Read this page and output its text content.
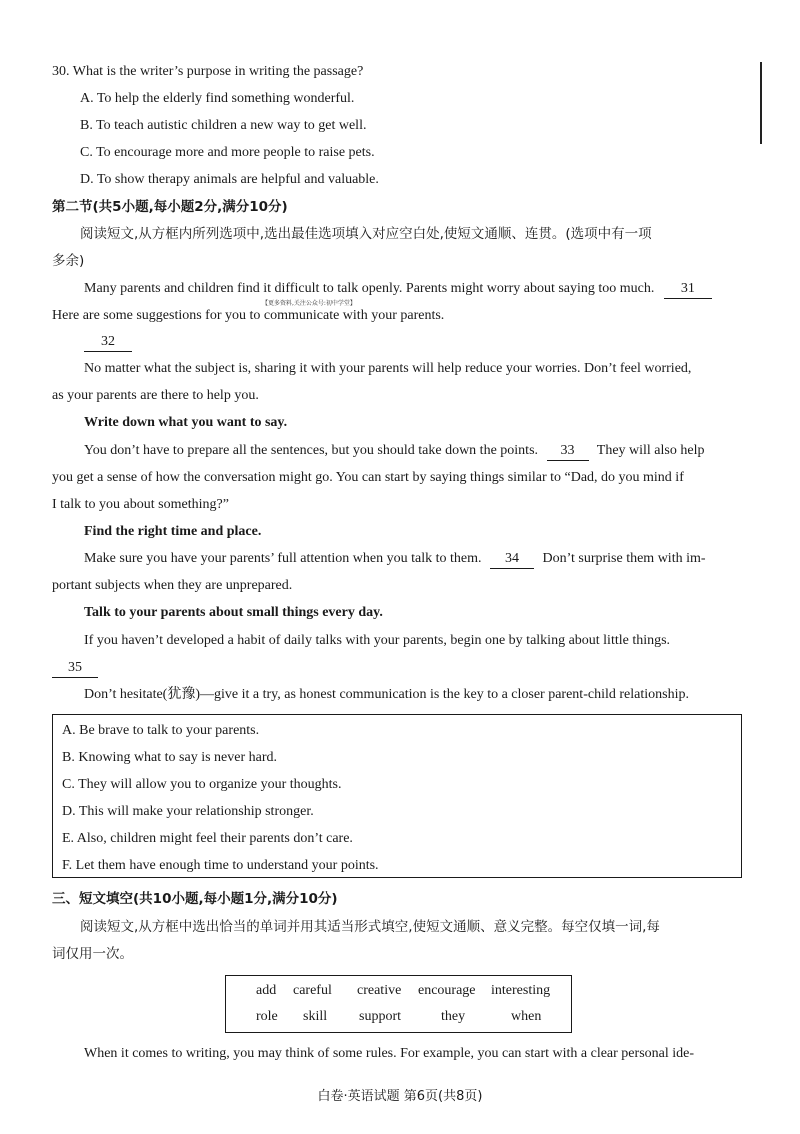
30. What is the writer’s purpose in writing the passage?
A. To help the elderly find something wonderful.
B. To teach autistic children a new way to get well.
C. To encourage more and more people to raise pets.
D. To show therapy animals are helpful and valuable.
第二节(共5小题,每小题2分,满分10分)
阅读短文,从方框内所列选项中,选出最佳选项填入对应空白处,使短文通顺、连贯。(选项中有一项
多余)
Many parents and children find it difficult to talk openly. Parents might worry about saying too much. 31
【更多资料,关注公众号:初中学堂】
Here are some suggestions for you to communicate with your parents.
32
No matter what the subject is, sharing it with your parents will help reduce your worries. Don’t feel worried,
as your parents are there to help you.
Write down what you want to say.
You don’t have to prepare all the sentences, but you should take down the points. 33 They will also help
you get a sense of how the conversation might go. You can start by saying things similar to “Dad, do you mind if
I talk to you about something?”
Find the right time and place.
Make sure you have your parents’ full attention when you talk to them. 34 Don’t surprise them with im-
portant subjects when they are unprepared.
Talk to your parents about small things every day.
If you haven’t developed a habit of daily talks with your parents, begin one by talking about little things.
35
Don’t hesitate(犹豫)—give it a try, as honest communication is the key to a closer parent-child relationship.
A. Be brave to talk to your parents.
B. Knowing what to say is never hard.
C. They will allow you to organize your thoughts.
D. This will make your relationship stronger.
E. Also, children might feel their parents don’t care.
F. Let them have enough time to understand your points.
三、短文填空(共10小题,每小题1分,满分10分)
阅读短文,从方框中选出恰当的单词并用其适当形式填空,使短文通顺、意义完整。每空仅填一词,每
词仅用一次。
add careful creative encourage interesting
role skill support	they	when
When it comes to writing, you may think of some rules. For example, you can start with a clear personal ide-
白卷·英语试题 第6页(共8页)
